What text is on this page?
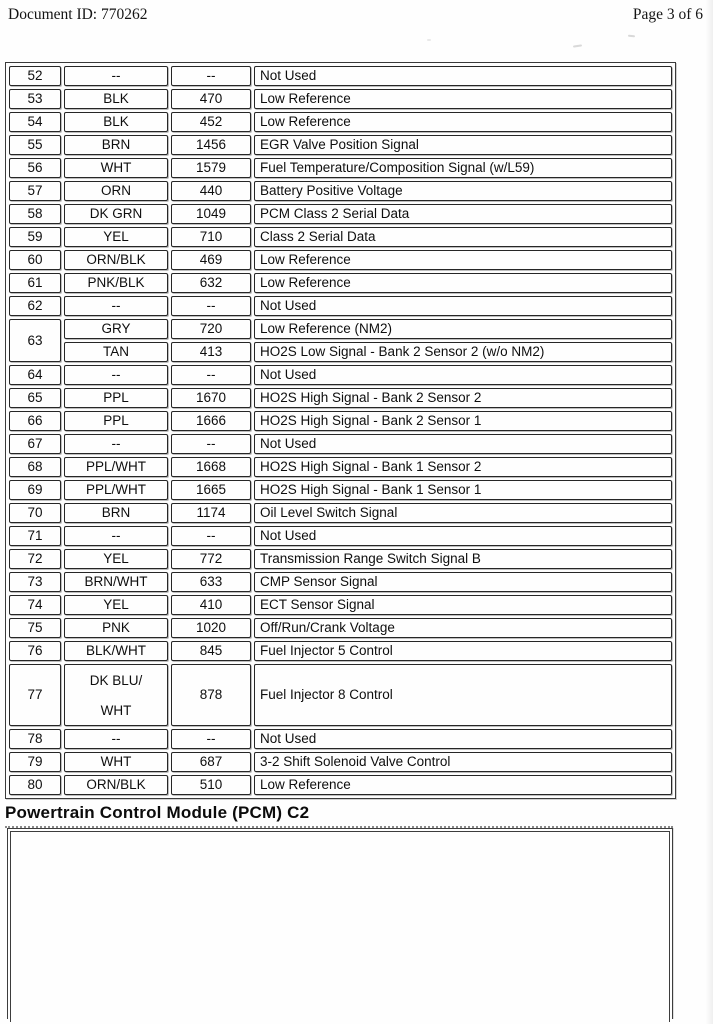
Document ID: 770262	Page 3 of 6
52	--	--	Not Used
53	BLK	470	Low Reference
54	BLK	452	Low Reference
55	BRN	1456	EGR Valve Position Signal
56	WHT	1579	Fuel Temperature/Composition Signal (w/L59)
57	ORN	440	Battery Positive Voltage
58	DK GRN	1049	PCM Class 2 Serial Data
59	YEL	710	Class 2 Serial Data
60	ORN/BLK	469	Low Reference
61	PNK/BLK	632	Low Reference
62	--	--	Not Used
63	GRY	720	Low Reference (NM2)
	TAN	413	HO2S Low Signal - Bank 2 Sensor 2 (w/o NM2)
64	--	--	Not Used
65	PPL	1670	HO2S High Signal - Bank 2 Sensor 2
66	PPL	1666	HO2S High Signal - Bank 2 Sensor 1
67	--	--	Not Used
68	PPL/WHT	1668	HO2S High Signal - Bank 1 Sensor 2
69	PPL/WHT	1665	HO2S High Signal - Bank 1 Sensor 1
70	BRN	1174	Oil Level Switch Signal
71	--	--	Not Used
72	YEL	772	Transmission Range Switch Signal B
73	BRN/WHT	633	CMP Sensor Signal
74	YEL	410	ECT Sensor Signal
75	PNK	1020	Off/Run/Crank Voltage
76	BLK/WHT	845	Fuel Injector 5 Control
77	DK BLU/
WHT	878	Fuel Injector 8 Control
78	--	--	Not Used
79	WHT	687	3-2 Shift Solenoid Valve Control
80	ORN/BLK	510	Low Reference
Powertrain Control Module (PCM) C2
